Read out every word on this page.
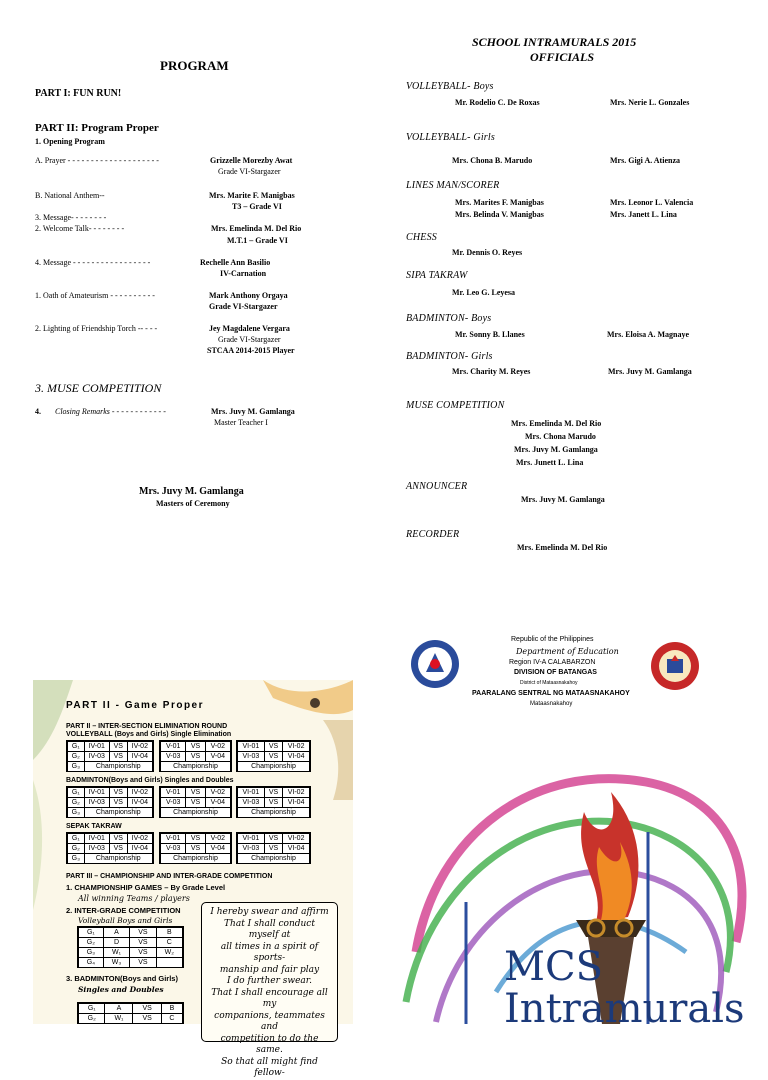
PROGRAM
PART I: FUN RUN!
PART II: Program Proper
1. Opening Program
A. Prayer - - - - - - - - - - - - - - - - - - - -	Grizzelle Morezby Awat
Grade VI-Stargazer
B. National Anthem--	Mrs. Marite F. Manigbas
T3 – Grade VI
3. Message- - - - - - - -
2. Welcome Talk- - - - - - - -	Mrs. Emelinda M. Del Rio
M.T.1 – Grade VI
4. Message - - - - - - - - - - - - - - - - -	Rechelle Ann Basilio
IV-Carnation
1. Oath of Amateurism - - - - - - - - - -	Mark Anthony Orgaya
Grade VI-Stargazer
2. Lighting of Friendship Torch -- - - -	Jey Magdalene Vergara
Grade VI-Stargazer
STCAA 2014-2015 Player
3. MUSE COMPETITION
4. Closing Remarks - - - - - - - - - - - -	Mrs. Juvy M. Gamlanga
Master Teacher I
Mrs. Juvy M. Gamlanga
Masters of Ceremony
SCHOOL INTRAMURALS 2015
OFFICIALS
VOLLEYBALL- Boys
Mr. Rodelio C. De Roxas	Mrs. Nerie L. Gonzales
VOLLEYBALL- Girls
Mrs. Chona B. Marudo	Mrs. Gigi A. Atienza
LINES MAN/SCORER
Mrs. Marites F. Manigbas	Mrs. Leonor L. Valencia
Mrs. Belinda V. Manigbas	Mrs. Janett L. Lina
CHESS
Mr. Dennis O. Reyes
SIPA TAKRAW
Mr. Leo G. Leyesa
BADMINTON- Boys
Mr. Sonny B. Llanes	Mrs. Eloisa A. Magnaye
BADMINTON- Girls
Mrs. Charity M. Reyes	Mrs. Juvy M. Gamlanga
MUSE COMPETITION
Mrs. Emelinda M. Del Rio
Mrs. Chona Marudo
Mrs. Juvy M. Gamlanga
Mrs. Junett L. Lina
ANNOUNCER
Mrs. Juvy M. Gamlanga
RECORDER
Mrs. Emelinda M. Del Rio
Republic of the Philippines
Department of Education
Region IV-A CALABARZON
DIVISION OF BATANGAS
District of Mataasnakahoy
PAARALANG SENTRAL NG MATAASNAKAHOY
Mataasnakahoy
PART II - Game Proper
PART II – INTER-SECTION ELIMINATION ROUND
VOLLEYBALL (Boys and Girls) Single Elimination
G₁	IV-01	VS	IV-02
G₂	IV-03	VS	IV-04
G₃	Championship		
V-01	VS	V-02
V-03	VS	V-04
Championship		
VI-01	VS	VI-02
VI-03	VS	VI-04
Championship		
BADMINTON(Boys and Girls) Singles and Doubles
G₁	IV-01	VS	IV-02
G₂	IV-03	VS	IV-04
G₃	Championship		
V-01	VS	V-02
V-03	VS	V-04
Championship		
VI-01	VS	VI-02
VI-03	VS	VI-04
Championship		
SEPAK TAKRAW
G₁	IV-01	VS	IV-02
G₂	IV-03	VS	IV-04
G₃	Championship		
V-01	VS	V-02
V-03	VS	V-04
Championship		
VI-01	VS	VI-02
VI-03	VS	VI-04
Championship		
PART III – CHAMPIONSHIP AND INTER-GRADE COMPETITION
1. CHAMPIONSHIP GAMES – By Grade Level
All winning Teams / players
2. INTER-GRADE COMPETITION
Volleyball Boys and Girls
G₁	A	VS	B
G₂	D	VS	C
G₃	W₁	VS	W₂
G₄	W₃	VS	
3. BADMINTON(Boys and Girls)
Singles and Doubles
G₁	A	VS	B
G₂	W₁	VS	C
I hereby swear and affirm
That I shall conduct myself at
all times in a spirit of sports-
manship and fair play
I do further swear.
That I shall encourage all my
companions, teammates and
competition to do the same.
So that all might find fellow-
MCS
Intramurals
